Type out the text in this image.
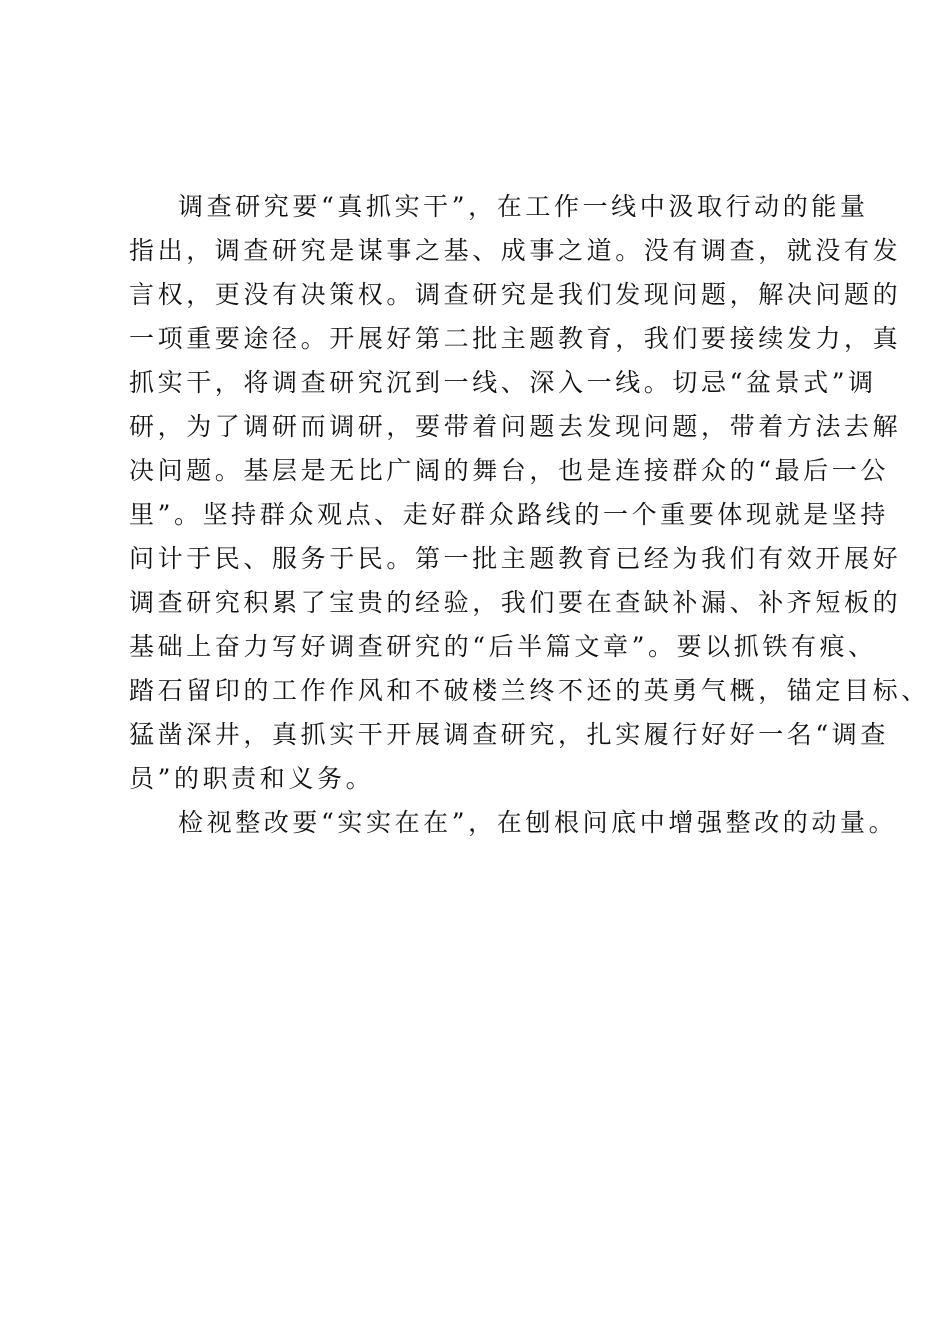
调查研究要“真抓实干”，在工作一线中汲取行动的能量
指出，调查研究是谋事之基、成事之道。没有调查，就没有发
言权，更没有决策权。调查研究是我们发现问题，解决问题的
一项重要途径。开展好第二批主题教育，我们要接续发力，真
抓实干，将调查研究沉到一线、深入一线。切忌“盆景式”调
研，为了调研而调研，要带着问题去发现问题，带着方法去解
决问题。基层是无比广阔的舞台，也是连接群众的“最后一公
里”。坚持群众观点、走好群众路线的一个重要体现就是坚持
问计于民、服务于民。第一批主题教育已经为我们有效开展好
调查研究积累了宝贵的经验，我们要在查缺补漏、补齐短板的
基础上奋力写好调查研究的“后半篇文章”。要以抓铁有痕、
踏石留印的工作作风和不破楼兰终不还的英勇气概，锚定目标、
猛凿深井，真抓实干开展调查研究，扎实履行好好一名“调查
员”的职责和义务。
检视整改要“实实在在”，在刨根问底中增强整改的动量。
